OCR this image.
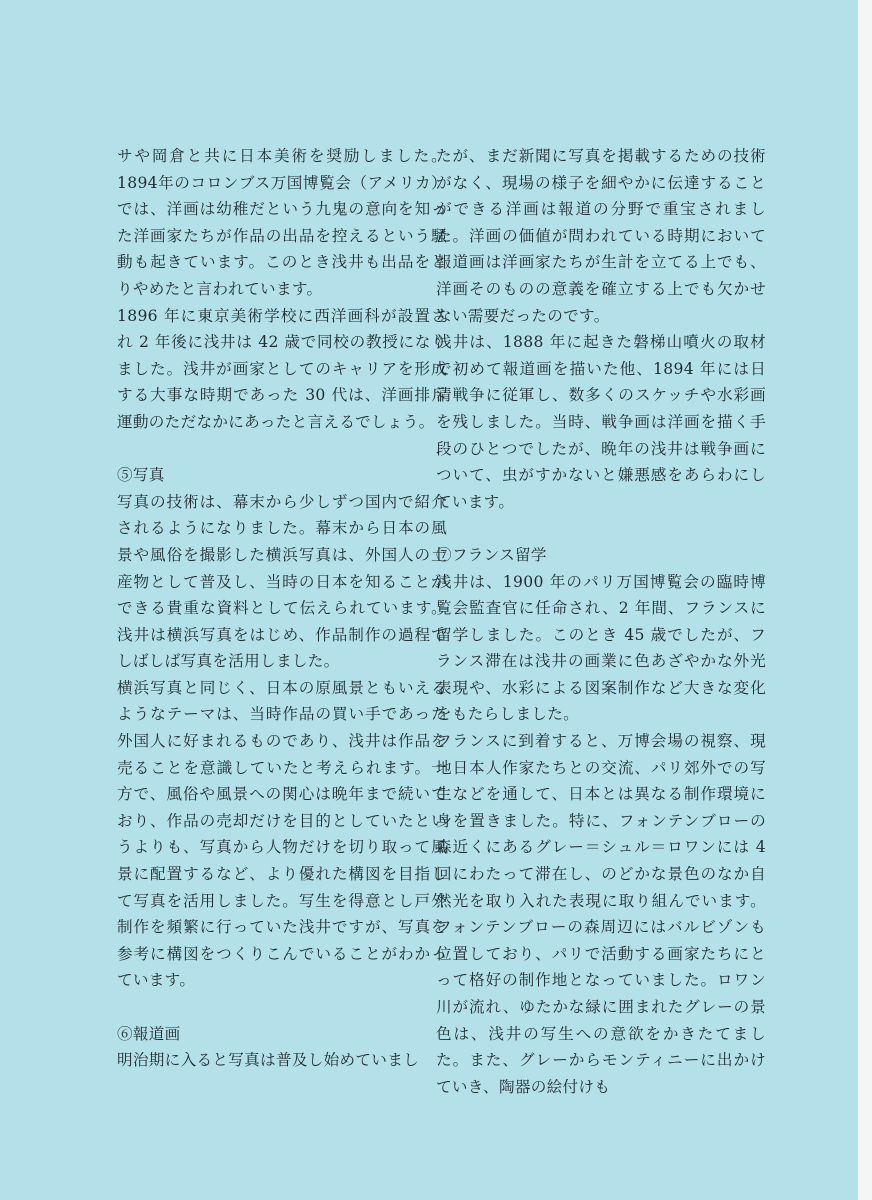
サや岡倉と共に日本美術を奨励しました。1894年のコロンブス万国博覧会（アメリカ）では、洋画は幼稚だという九鬼の意向を知った洋画家たちが作品の出品を控えるという騒動も起きています。このとき浅井も出品をとりやめたと言われています。

1896 年に東京美術学校に西洋画科が設置され 2 年後に浅井は 42 歳で同校の教授になりました。浅井が画家としてのキャリアを形成する大事な時期であった 30 代は、洋画排斥運動のただなかにあったと言えるでしょう。

⑤写真

写真の技術は、幕末から少しずつ国内で紹介されるようになりました。幕末から日本の風景や風俗を撮影した横浜写真は、外国人の土産物として普及し、当時の日本を知ることができる貴重な資料として伝えられています。浅井は横浜写真をはじめ、作品制作の過程でしばしば写真を活用しました。

横浜写真と同じく、日本の原風景ともいえるようなテーマは、当時作品の買い手であった外国人に好まれるものであり、浅井は作品を売ることを意識していたと考えられます。一方で、風俗や風景への関心は晩年まで続いており、作品の売却だけを目的としていたというよりも、写真から人物だけを切り取って風景に配置するなど、より優れた構図を目指して写真を活用しました。写生を得意とし戸外制作を頻繁に行っていた浅井ですが、写真を参考に構図をつくりこんでいることがわかっています。

⑥報道画

明治期に入ると写真は普及し始めていまし

たが、まだ新聞に写真を掲載するための技術がなく、現場の様子を細やかに伝達することができる洋画は報道の分野で重宝されました。洋画の価値が問われている時期において報道画は洋画家たちが生計を立てる上でも、洋画そのものの意義を確立する上でも欠かせない需要だったのです。

浅井は、1888 年に起きた磐梯山噴火の取材で初めて報道画を描いた他、1894 年には日清戦争に従軍し、数多くのスケッチや水彩画を残しました。当時、戦争画は洋画を描く手段のひとつでしたが、晩年の浅井は戦争画について、虫がすかないと嫌悪感をあらわにしています。

⑦フランス留学

浅井は、1900 年のパリ万国博覧会の臨時博覧会監査官に任命され、2 年間、フランスに留学しました。このとき 45 歳でしたが、フランス滞在は浅井の画業に色あざやかな外光表現や、水彩による図案制作など大きな変化をもたらしました。

フランスに到着すると、万博会場の視察、現地日本人作家たちとの交流、パリ郊外での写生などを通して、日本とは異なる制作環境に身を置きました。特に、フォンテンブローの森近くにあるグレー＝シュル＝ロワンには 4 回にわたって滞在し、のどかな景色のなか自然光を取り入れた表現に取り組んでいます。フォンテンブローの森周辺にはバルビゾンも位置しており、パリで活動する画家たちにとって格好の制作地となっていました。ロワン川が流れ、ゆたかな緑に囲まれたグレーの景色は、浅井の写生への意欲をかきたてました。また、グレーからモンティニーに出かけていき、陶器の絵付けも
